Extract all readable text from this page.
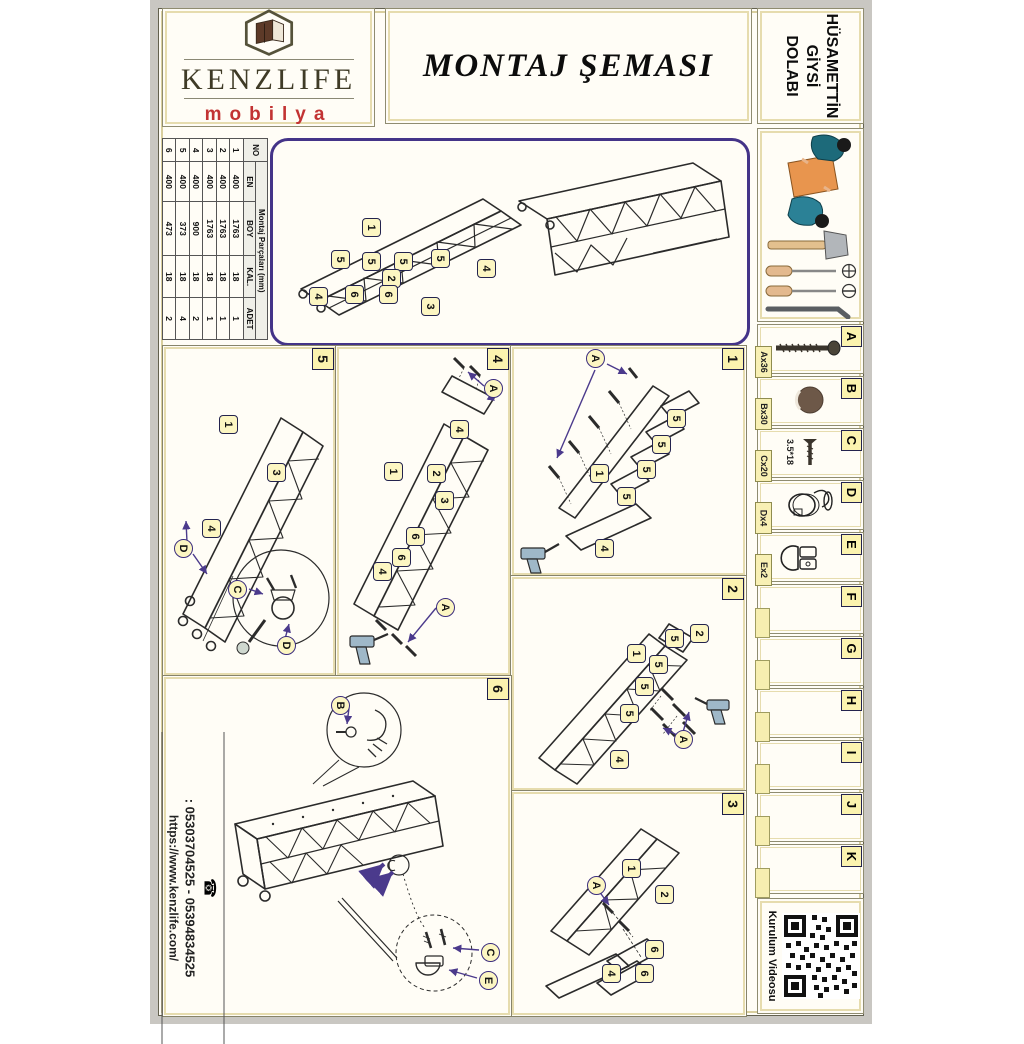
KENZLIFE
mobilya
MONTAJ ŞEMASI	HÜSAMETTİN
GİYSİ
DOLABI
A
Ax36
B
Bx30
C
3.5*18
Cx20
D
Dx4
E
Ex2
F
G
H
I
J
K
Kurulum Videosu
NO	Montaj Parçaları (mm)			
	EN	BOY	KAL.	ADET
1	400	1763	18	1
2	400	1763	18	1
3	400	1763	18	1
4	400	900	18	2
5	400	373	18	4
6	400	473	18	2
1
5	5	5	5
4
2
6	6
3
4
5
1
3
4
D
C
D
4
A
4
2
1
3
6
6
4
A
1
A
5
5
5
5
1
4
2
2
5
1
5
5
5
4
A
3
1
A
2
6
6
4
6
☎
: 05303704525 - 05394834525
https://www.kenzlife.com/
B
C
E
